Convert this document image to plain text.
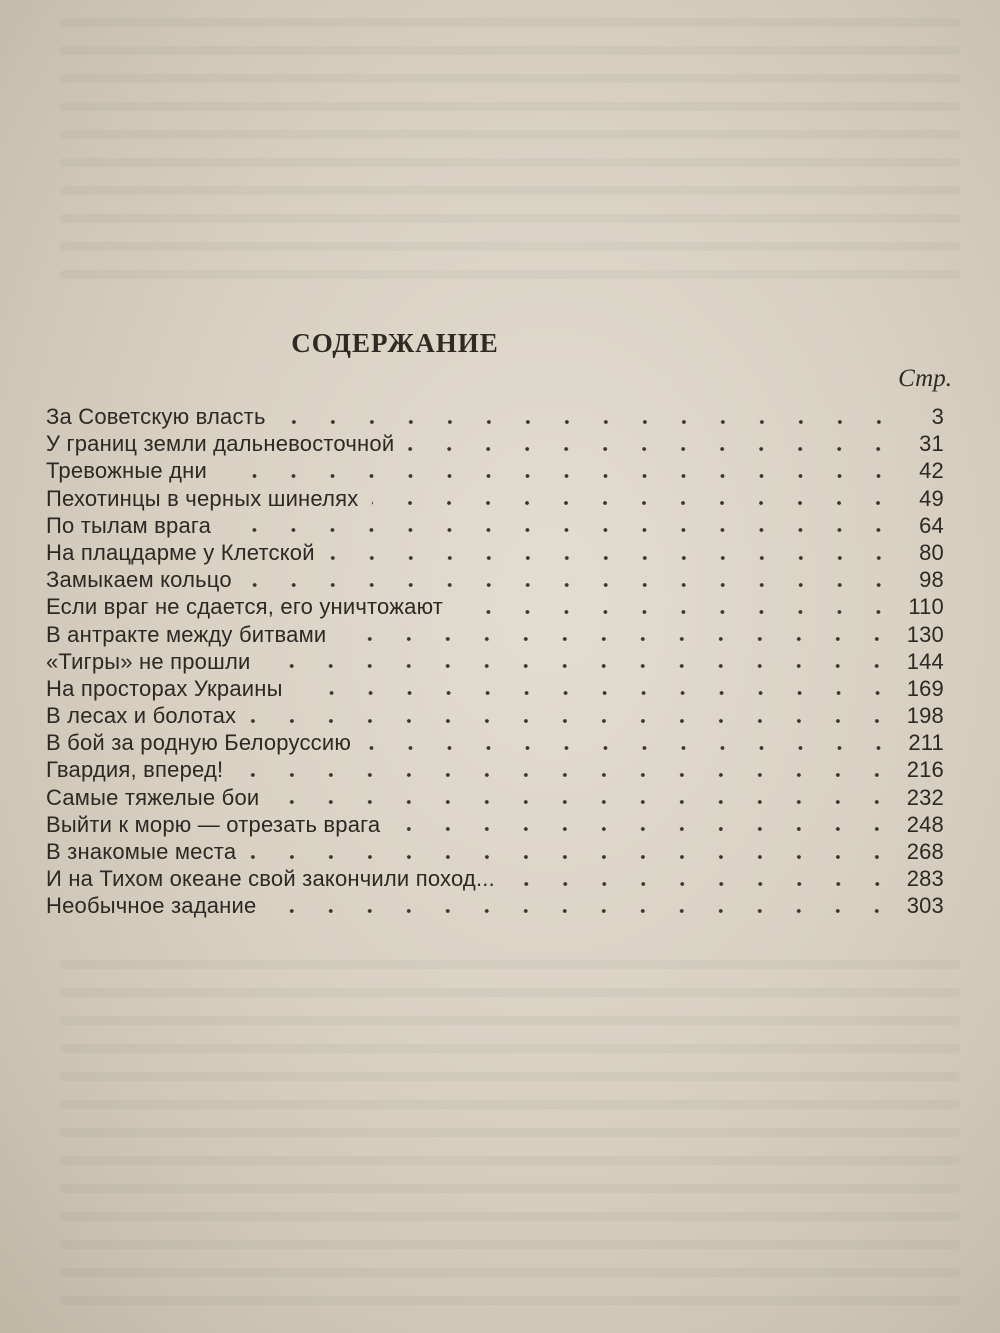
СОДЕРЖАНИЕ
Стр.
За Советскую власть	3
У границ земли дальневосточной	31
Тревожные дни	42
Пехотинцы в черных шинелях	49
По тылам врага	64
На плацдарме у Клетской	80
Замыкаем кольцо	98
Если враг не сдается, его уничтожают	110
В антракте между битвами	130
«Тигры» не прошли	144
На просторах Украины	169
В лесах и болотах	198
В бой за родную Белоруссию	211
Гвардия, вперед!	216
Самые тяжелые бои	232
Выйти к морю — отрезать врага	248
В знакомые места	268
И на Тихом океане свой закончили поход...	283
Необычное задание	303
